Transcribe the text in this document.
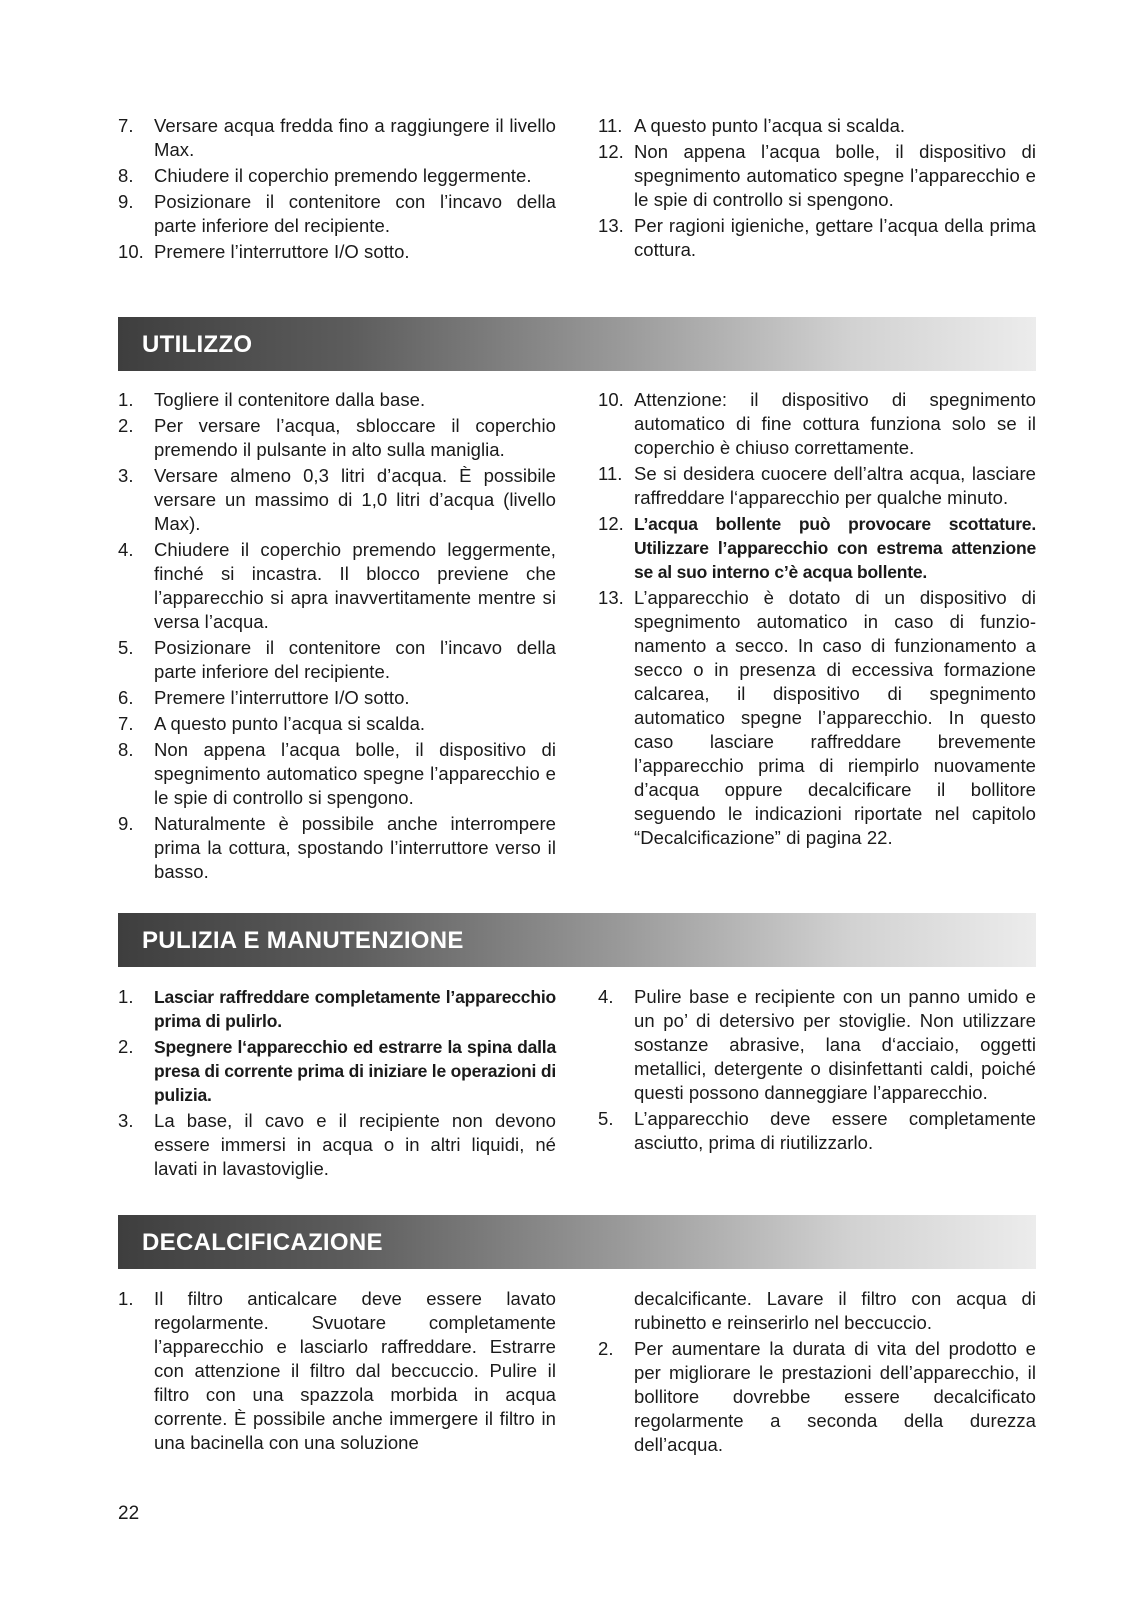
7.	Versare acqua fredda fino a raggiungere il livello Max.
8.	Chiudere il coperchio premendo leggermente.
9.	Posizionare il contenitore con l’incavo della parte inferiore del recipiente.
10. Premere l’interruttore I/O sotto.
11. A questo punto l’acqua si scalda.
12. Non appena l’acqua bolle, il dispositivo di spegnimento automatico spegne l’apparecchio e le spie di controllo si spengono.
13. Per ragioni igieniche, gettare l’acqua della prima cottura.
UTILIZZO
1.	Togliere il contenitore dalla base.
2.	Per versare l’acqua, sbloccare il coperchio premendo il pulsante in alto sulla maniglia.
3.	Versare almeno 0,3 litri d’acqua. È possibile versare un massimo di 1,0 litri d’acqua (livello Max).
4.	Chiudere il coperchio premendo leggermente, finché si incastra. Il blocco previene che l’apparecchio si apra inavvertitamente mentre si versa l’acqua.
5.	Posizionare il contenitore con l’incavo della parte inferiore del recipiente.
6.	Premere l’interruttore I/O sotto.
7.	A questo punto l’acqua si scalda.
8.	Non appena l’acqua bolle, il dispositivo di spegnimento automatico spegne l’apparecchio e le spie di controllo si spengono.
9.	Naturalmente è possibile anche interrompere prima la cottura, spostando l’interruttore verso il basso.
10. Attenzione: il dispositivo di spegnimento automatico di fine cottura funziona solo se il coperchio è chiuso correttamente.
11. Se si desidera cuocere dell’altra acqua, lasciare raffreddare l‘apparecchio per qualche minuto.
12. L’acqua bollente può provocare scottature. Utilizzare l’apparecchio con estrema attenzione se al suo interno c’è acqua bollente.
13. L’apparecchio è dotato di un dispositivo di spegnimento automatico in caso di funzionamento a secco. In caso di funzionamento a secco o in presenza di eccessiva formazione calcarea, il dispositivo di spegnimento automatico spegne l’apparecchio. In questo caso lasciare raffreddare brevemente l’apparecchio prima di riempirlo nuovamente d’acqua oppure decalcificare il bollitore seguendo le indicazioni riportate nel capitolo “Decalcificazione” di pagina 22.
PULIZIA E MANUTENZIONE
1.	Lasciar raffreddare completamente l’apparecchio prima di pulirlo.
2.	Spegnere l‘apparecchio ed estrarre la spina dalla presa di corrente prima di iniziare le operazioni di pulizia.
3.	La base, il cavo e il recipiente non devono essere immersi in acqua o in altri liquidi, né lavati in lavastoviglie.
4.	Pulire base e recipiente con un panno umido e un po’ di detersivo per stoviglie. Non utilizzare sostanze abrasive, lana d‘acciaio, oggetti metallici, detergente o disinfettanti caldi, poiché questi possono danneggiare l’apparecchio.
5.	L’apparecchio deve essere completamente asciutto, prima di riutilizzarlo.
DECALCIFICAZIONE
1.	Il filtro anticalcare deve essere lavato regolarmente. Svuotare completamente l’apparecchio e lasciarlo raffreddare. Estrarre con attenzione il filtro dal beccuccio. Pulire il filtro con una spazzola morbida in acqua corrente. È possibile anche immergere il filtro in una bacinella con una soluzione
decalcificante. Lavare il filtro con acqua di rubinetto e reinserirlo nel beccuccio.
2.	Per aumentare la durata di vita del prodotto e per migliorare le prestazioni dell’apparecchio, il bollitore dovrebbe essere decalcificato regolarmente a seconda della durezza dell’acqua.
22
